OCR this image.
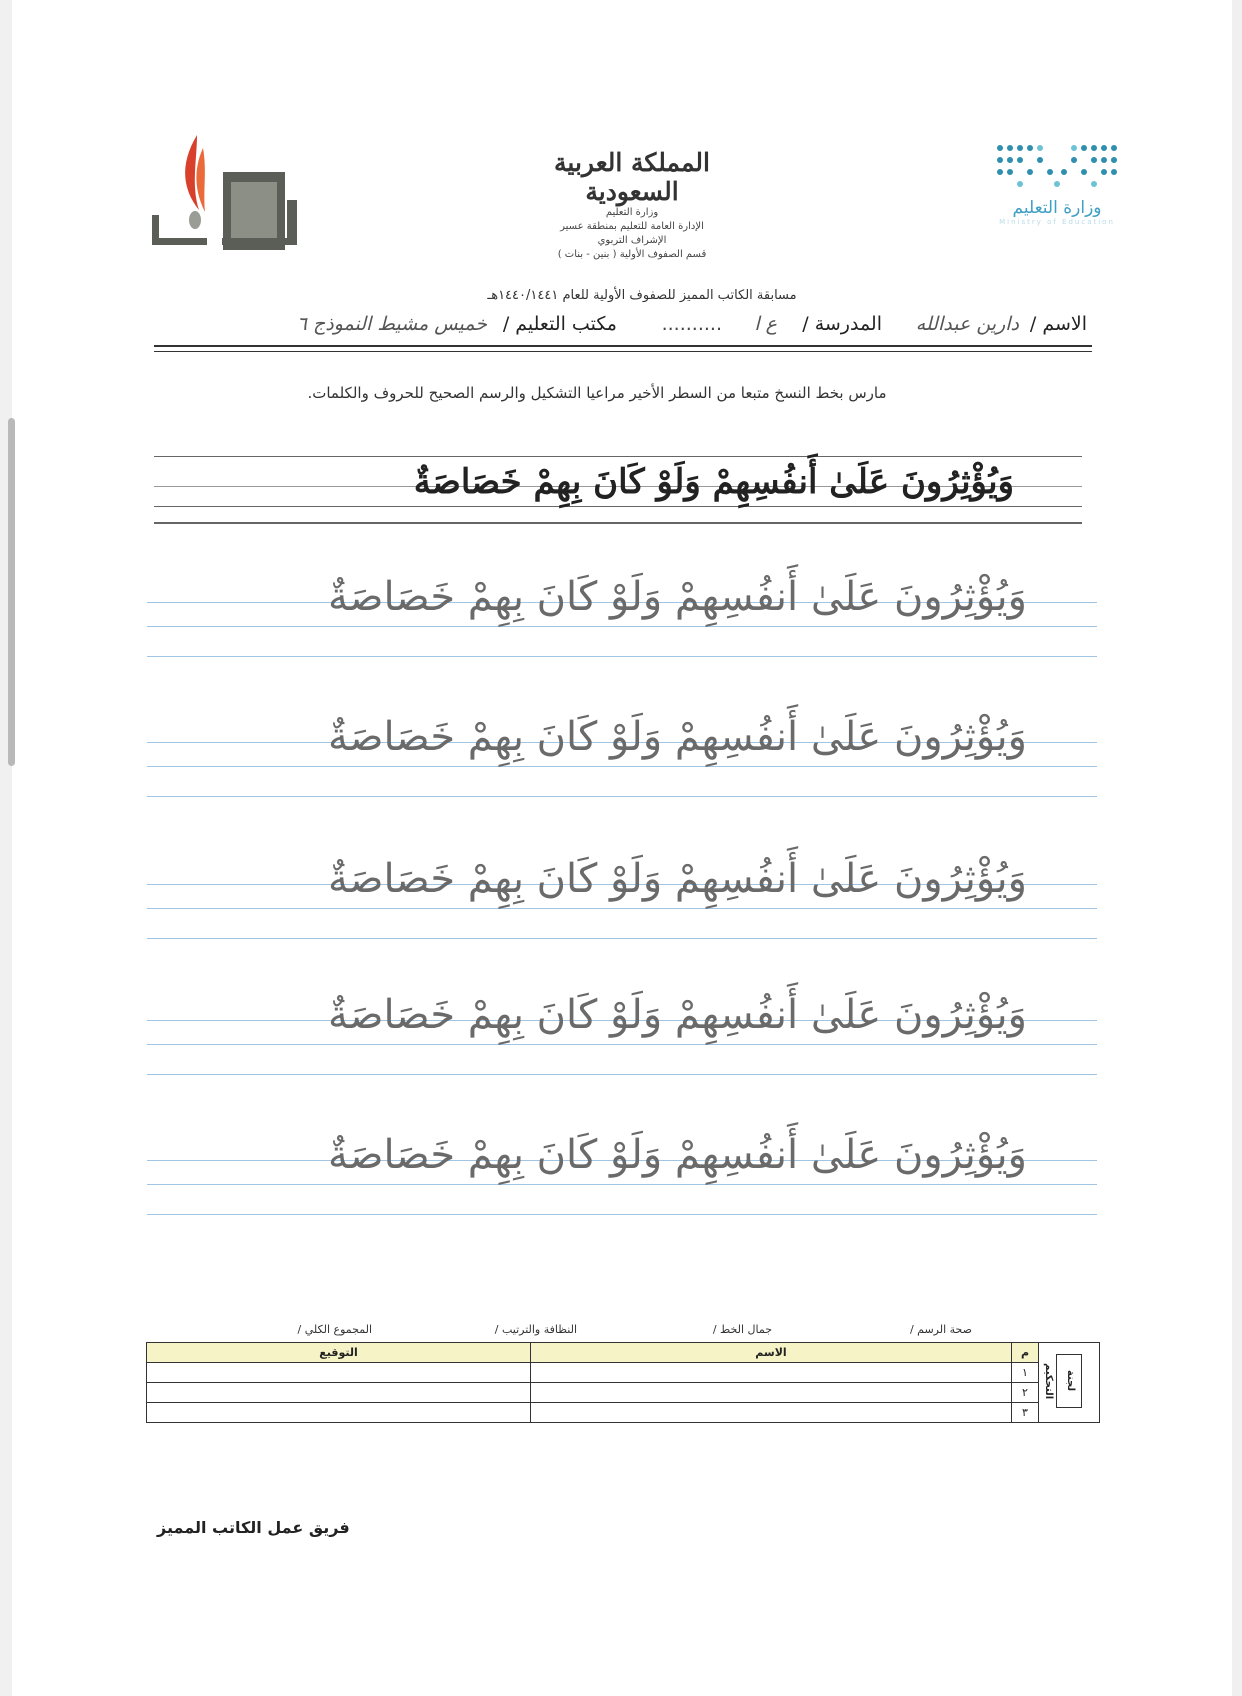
المملكة العربية السعودية
وزارة التعليم
الإدارة العامة للتعليم بمنطقة عسير
الإشراف التربوي
قسم الصفوف الأولية ( بنين - بنات )
وزارة التعليم
Ministry of Education
مسابقة الكاتب المميز للصفوف الأولية للعام ١٤٤٠/١٤٤١هـ
الاسم /
دارين عبدالله
المدرسة /
ع ا
..........
مكتب التعليم /
خميس مشيط النموذج ٦
مارس بخط النسخ متبعا من السطر الأخير مراعيا التشكيل والرسم الصحيح للحروف والكلمات.
وَيُؤْثِرُونَ عَلَىٰ أَنفُسِهِمْ وَلَوْ كَانَ بِهِمْ خَصَاصَةٌ
وَيُؤْثِرُونَ عَلَىٰ أَنفُسِهِمْ وَلَوْ كَانَ بِهِمْ خَصَاصَةٌ
وَيُؤْثِرُونَ عَلَىٰ أَنفُسِهِمْ وَلَوْ كَانَ بِهِمْ خَصَاصَةٌ
وَيُؤْثِرُونَ عَلَىٰ أَنفُسِهِمْ وَلَوْ كَانَ بِهِمْ خَصَاصَةٌ
وَيُؤْثِرُونَ عَلَىٰ أَنفُسِهِمْ وَلَوْ كَانَ بِهِمْ خَصَاصَةٌ
وَيُؤْثِرُونَ عَلَىٰ أَنفُسِهِمْ وَلَوْ كَانَ بِهِمْ خَصَاصَةٌ
صحة الرسم /
جمال الخط /
النظافة والترتيب /
المجموع الكلي /
لجنة التحكيم	م	الاسم	التوقيع
	١		
	٢		
	٣		
فريق عمل الكاتب المميز
